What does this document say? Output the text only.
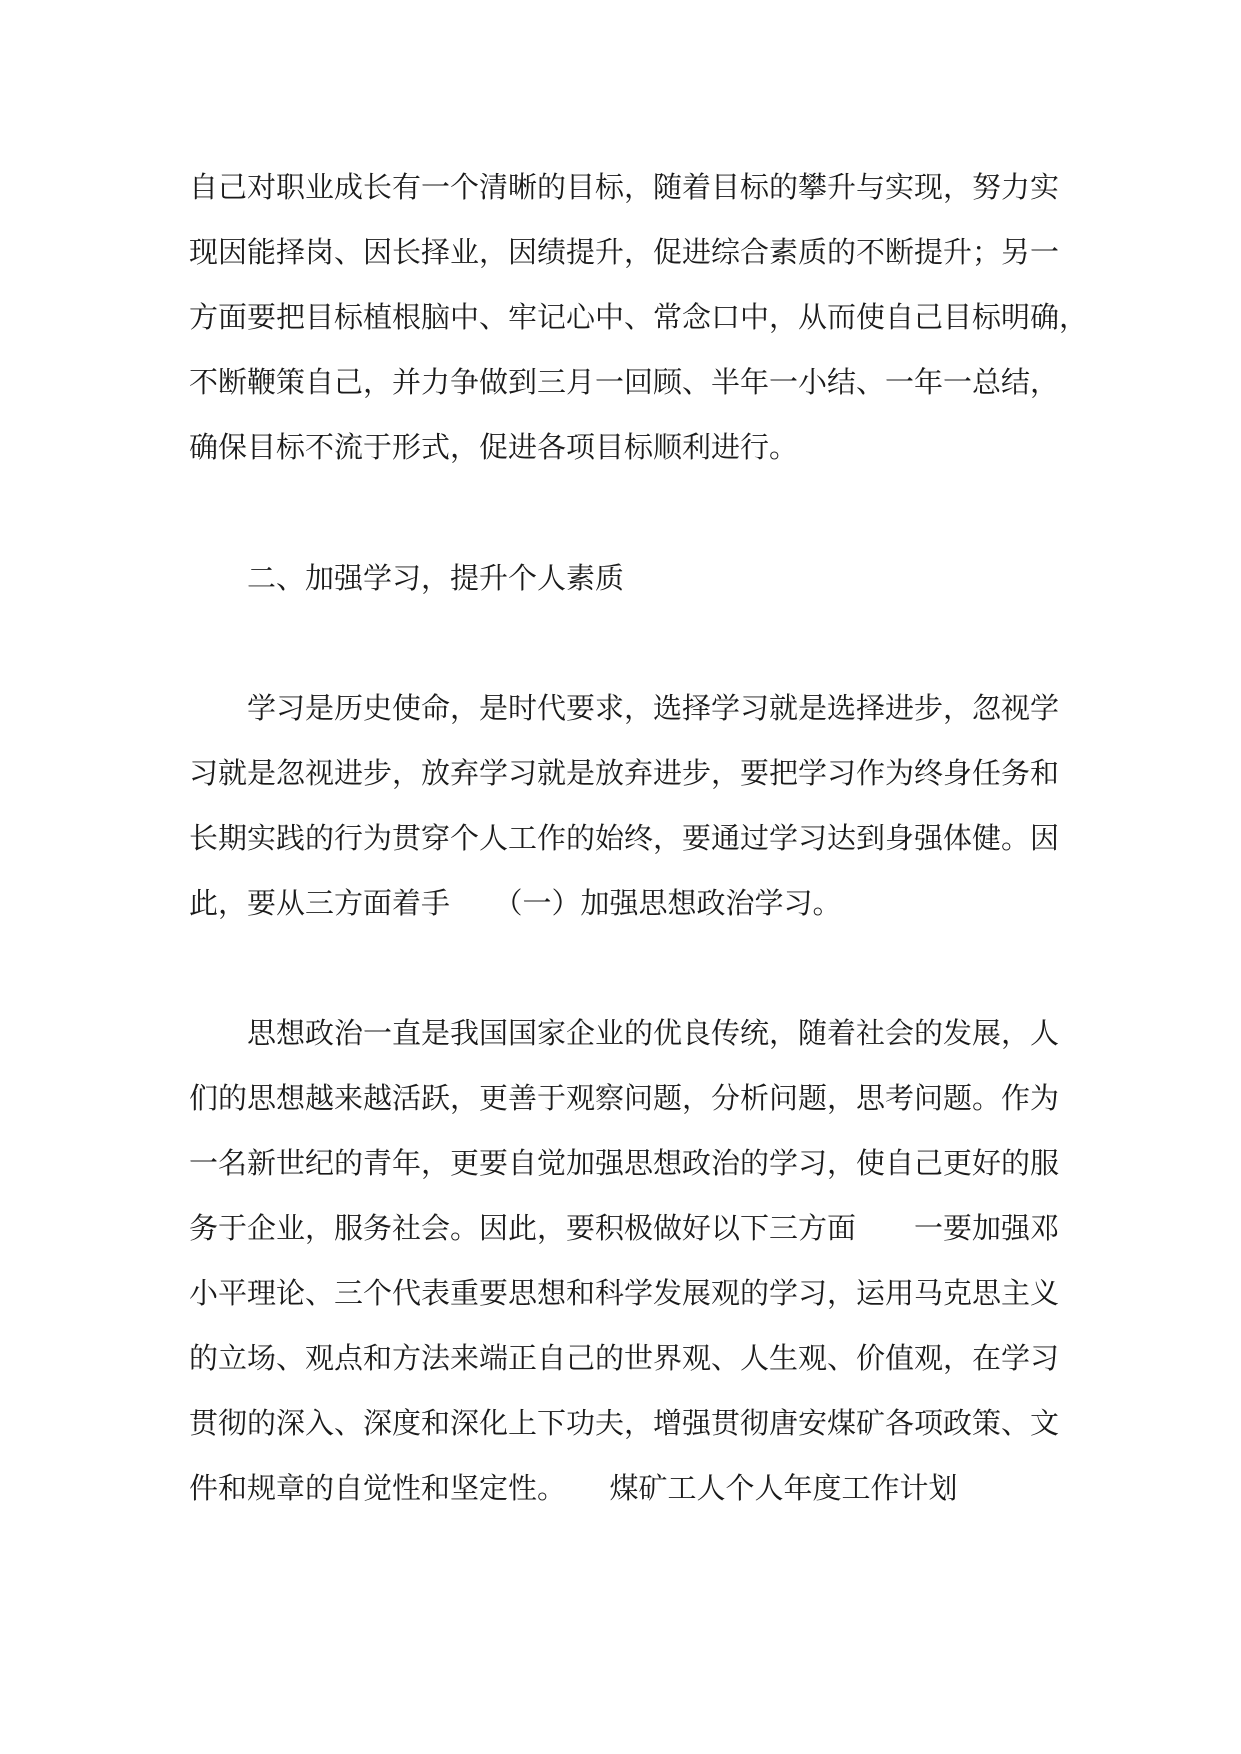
自己对职业成长有一个清晰的目标，随着目标的攀升与实现，努力实
现因能择岗、因长择业，因绩提升，促进综合素质的不断提升；另一
方面要把目标植根脑中、牢记心中、常念口中，从而使自己目标明确，
不断鞭策自己，并力争做到三月一回顾、半年一小结、一年一总结，
确保目标不流于形式，促进各项目标顺利进行。
二、加强学习，提升个人素质
学习是历史使命，是时代要求，选择学习就是选择进步，忽视学
习就是忽视进步，放弃学习就是放弃进步，要把学习作为终身任务和
长期实践的行为贯穿个人工作的始终，要通过学习达到身强体健。因
此，要从三方面着手　　（一）加强思想政治学习。
思想政治一直是我国国家企业的优良传统，随着社会的发展，人
们的思想越来越活跃，更善于观察问题，分析问题，思考问题。作为
一名新世纪的青年，更要自觉加强思想政治的学习，使自己更好的服
务于企业，服务社会。因此，要积极做好以下三方面　　一要加强邓
小平理论、三个代表重要思想和科学发展观的学习，运用马克思主义
的立场、观点和方法来端正自己的世界观、人生观、价值观，在学习
贯彻的深入、深度和深化上下功夫，增强贯彻唐安煤矿各项政策、文
件和规章的自觉性和坚定性。　　煤矿工人个人年度工作计划
